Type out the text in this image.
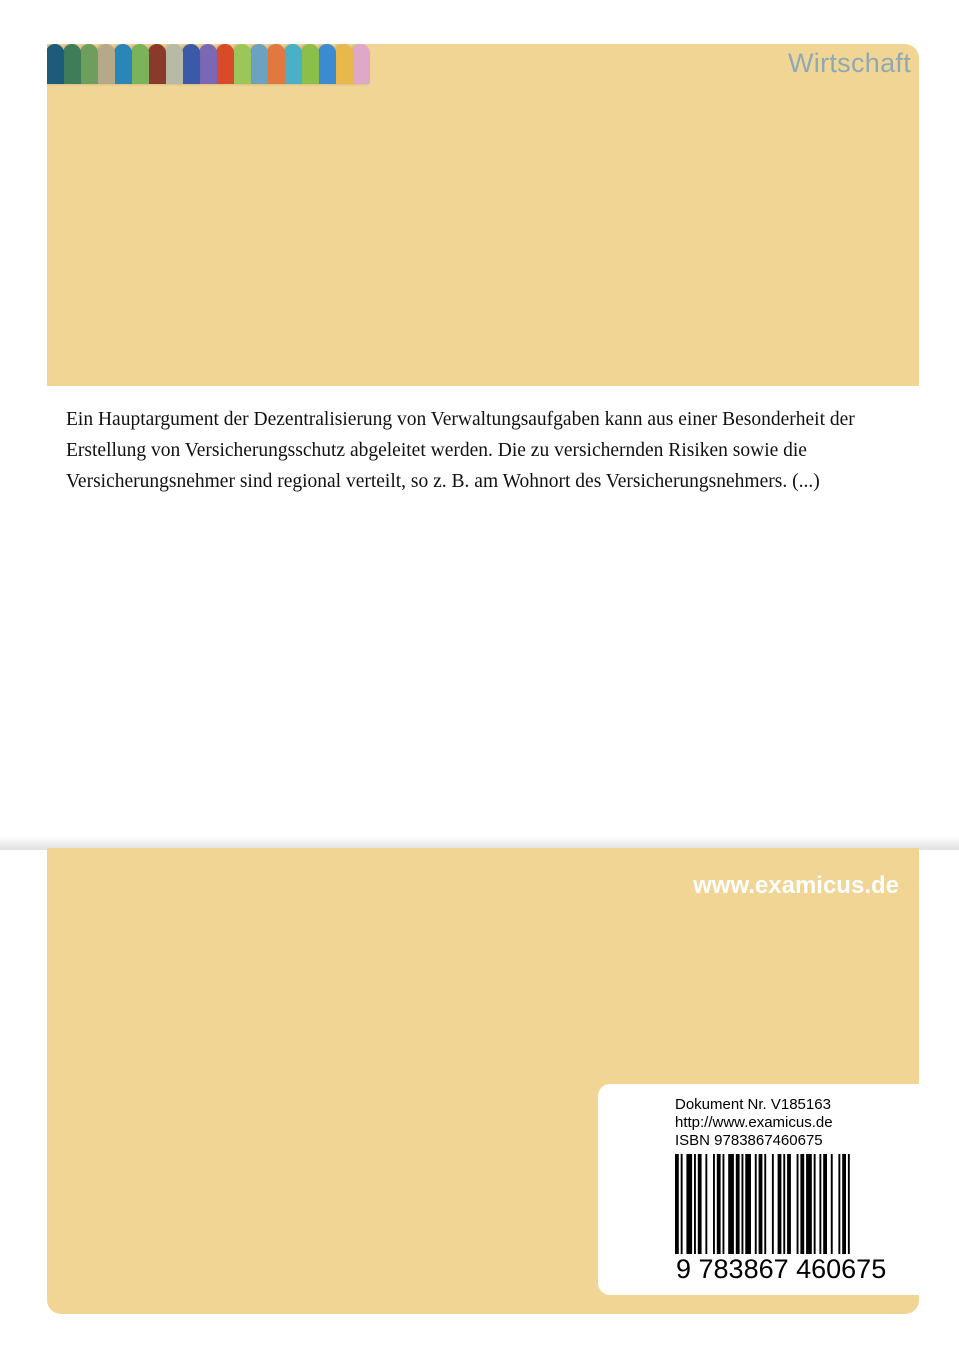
Wirtschaft
Ein Hauptargument der Dezentralisierung von Verwaltungsaufgaben kann aus einer Besonderheit der Erstellung von Versicherungsschutz abgeleitet werden. Die zu versichernden Risiken sowie die Versicherungsnehmer sind regional verteilt, so z. B. am Wohnort des Versicherungsnehmers. (...)
www.examicus.de
Dokument Nr. V185163
http://www.examicus.de
ISBN 9783867460675
9 783867 460675
